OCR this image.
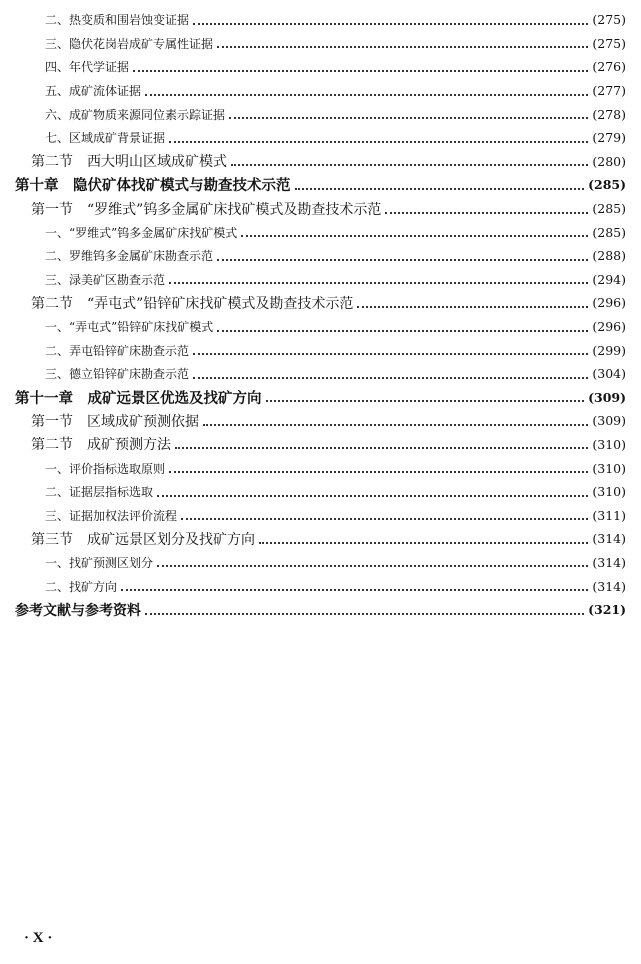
二、热变质和围岩蚀变证据	(275)
三、隐伏花岗岩成矿专属性证据	(275)
四、年代学证据	(276)
五、成矿流体证据	(277)
六、成矿物质来源同位素示踪证据	(278)
七、区域成矿背景证据	(279)
第二节　西大明山区域成矿模式	(280)
第十章　隐伏矿体找矿模式与勘查技术示范	(285)
第一节　“罗维式”钨多金属矿床找矿模式及勘查技术示范	(285)
一、“罗维式”钨多金属矿床找矿模式	(285)
二、罗维钨多金属矿床勘查示范	(288)
三、渌美矿区勘查示范	(294)
第二节　“弄屯式”铅锌矿床找矿模式及勘查技术示范	(296)
一、“弄屯式”铅锌矿床找矿模式	(296)
二、弄屯铅锌矿床勘查示范	(299)
三、德立铅锌矿床勘查示范	(304)
第十一章　成矿远景区优选及找矿方向	(309)
第一节　区域成矿预测依据	(309)
第二节　成矿预测方法	(310)
一、评价指标选取原则	(310)
二、证据层指标选取	(310)
三、证据加权法评价流程	(311)
第三节　成矿远景区划分及找矿方向	(314)
一、找矿预测区划分	(314)
二、找矿方向	(314)
参考文献与参考资料	(321)
· X ·
